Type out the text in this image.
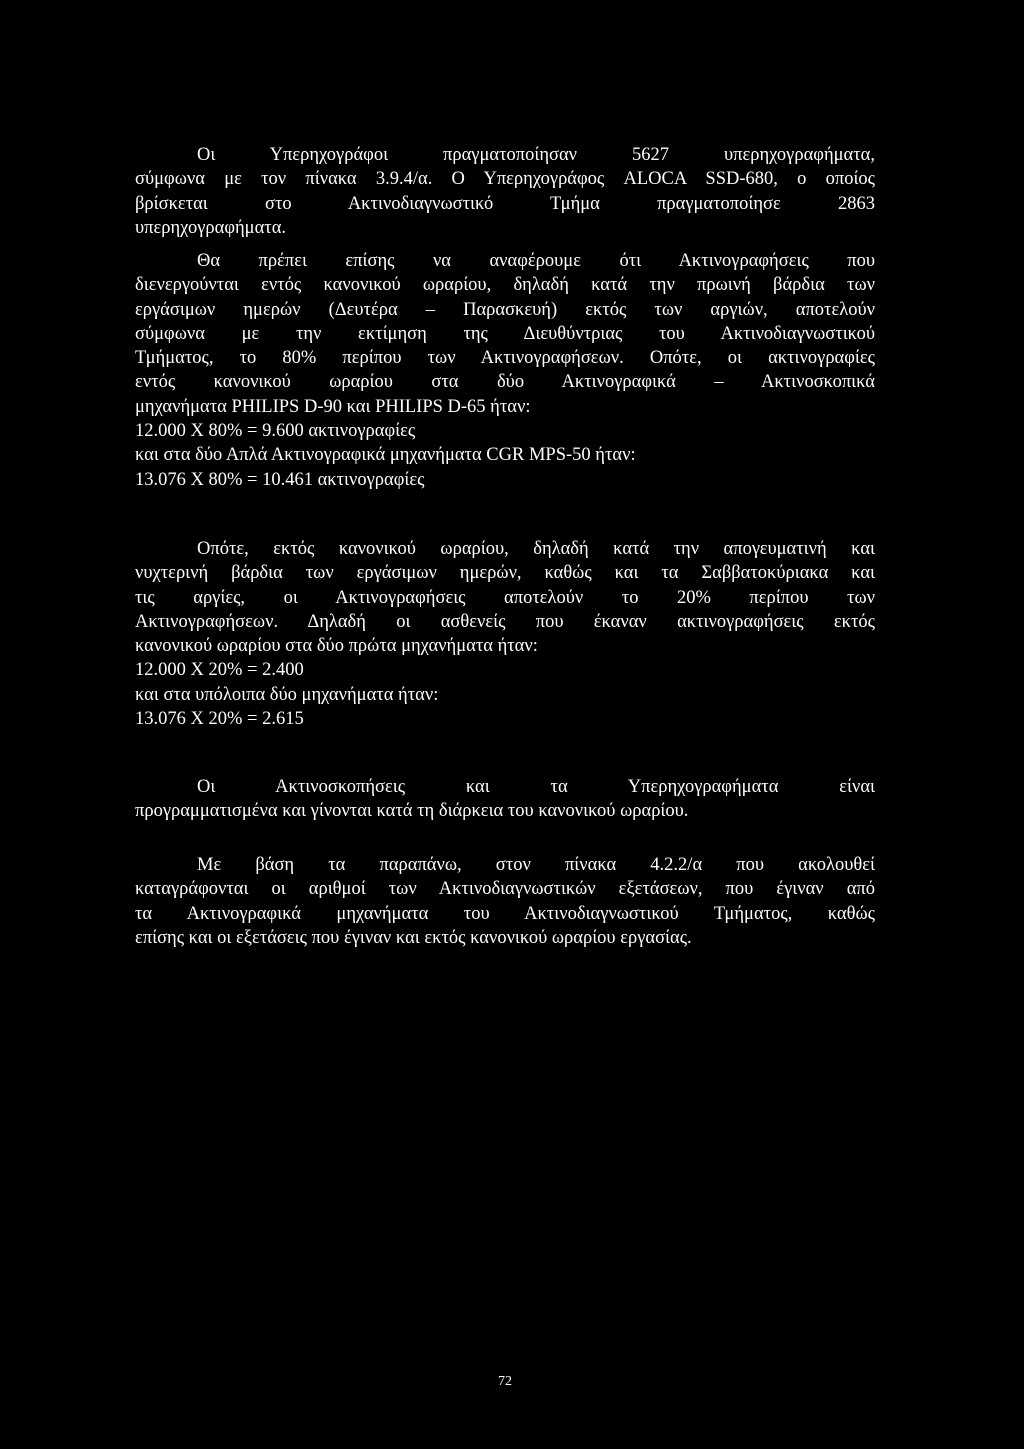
Οι Υπερηχογράφοι πραγματοποίησαν 5627 υπερηχογραφήματα,
σύμφωνα με τον πίνακα 3.9.4/α. Ο Υπερηχογράφος ALOCA SSD-680, ο οποίος
βρίσκεται στο Ακτινοδιαγνωστικό Τμήμα πραγματοποίησε 2863
υπερηχογραφήματα.
Θα πρέπει επίσης να αναφέρουμε ότι Ακτινογραφήσεις που
διενεργούνται εντός κανονικού ωραρίου, δηλαδή κατά την πρωινή βάρδια των
εργάσιμων ημερών (Δευτέρα – Παρασκευή) εκτός των αργιών, αποτελούν
σύμφωνα με την εκτίμηση της Διευθύντριας του Ακτινοδιαγνωστικού
Τμήματος, το 80% περίπου των Ακτινογραφήσεων. Οπότε, οι ακτινογραφίες
εντός κανονικού ωραρίου στα δύο Ακτινογραφικά – Ακτινοσκοπικά
μηχανήματα PHILIPS D-90 και PHILIPS D-65 ήταν:
12.000 X 80% = 9.600 ακτινογραφίες
και στα δύο Απλά Ακτινογραφικά μηχανήματα CGR MPS-50 ήταν:
13.076 X 80% = 10.461 ακτινογραφίες
Οπότε, εκτός κανονικού ωραρίου, δηλαδή κατά την απογευματινή και
νυχτερινή βάρδια των εργάσιμων ημερών, καθώς και τα Σαββατοκύριακα και
τις αργίες, οι Ακτινογραφήσεις αποτελούν το 20% περίπου των
Ακτινογραφήσεων. Δηλαδή οι ασθενείς που έκαναν ακτινογραφήσεις εκτός
κανονικού ωραρίου στα δύο πρώτα μηχανήματα ήταν:
12.000 X 20% = 2.400
και στα υπόλοιπα δύο μηχανήματα ήταν:
13.076 X 20% = 2.615
Οι Ακτινοσκοπήσεις και τα Υπερηχογραφήματα είναι
προγραμματισμένα και γίνονται κατά τη διάρκεια του κανονικού ωραρίου.
Με βάση τα παραπάνω, στον πίνακα 4.2.2/α που ακολουθεί
καταγράφονται οι αριθμοί των Ακτινοδιαγνωστικών εξετάσεων, που έγιναν από
τα Ακτινογραφικά μηχανήματα του Ακτινοδιαγνωστικού Τμήματος, καθώς
επίσης και οι εξετάσεις που έγιναν και εκτός κανονικού ωραρίου εργασίας.
72
